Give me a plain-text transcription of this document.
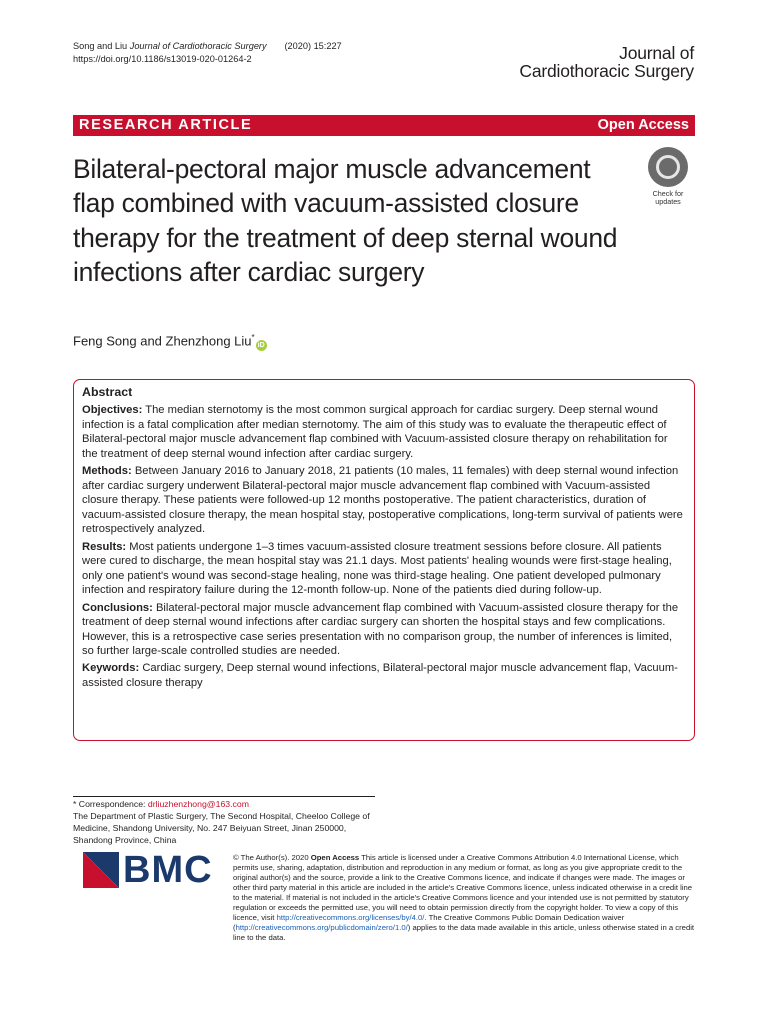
Song and Liu Journal of Cardiothoracic Surgery (2020) 15:227
https://doi.org/10.1186/s13019-020-01264-2	Journal of
Cardiothoracic Surgery
RESEARCH ARTICLE	Open Access
Bilateral-pectoral major muscle advancement flap combined with vacuum-assisted closure therapy for the treatment of deep sternal wound infections after cardiac surgery
Check for
updates
Feng Song and Zhenzhong Liu*iD
Abstract

Objectives: The median sternotomy is the most common surgical approach for cardiac surgery. Deep sternal wound infection is a fatal complication after median sternotomy. The aim of this study was to evaluate the therapeutic effect of Bilateral-pectoral major muscle advancement flap combined with Vacuum-assisted closure therapy on rehabilitation for the treatment of deep sternal wound infection after cardiac surgery.

Methods: Between January 2016 to January 2018, 21 patients (10 males, 11 females) with deep sternal wound infection after cardiac surgery underwent Bilateral-pectoral major muscle advancement flap combined with Vacuum-assisted closure therapy. These patients were followed-up 12 months postoperative. The patient characteristics, duration of vacuum-assisted closure therapy, the mean hospital stay, postoperative complications, long-term survival of patients were retrospectively analyzed.

Results: Most patients undergone 1–3 times vacuum-assisted closure treatment sessions before closure. All patients were cured to discharge, the mean hospital stay was 21.1 days. Most patients' healing wounds were first-stage healing, only one patient's wound was second-stage healing, none was third-stage healing. One patient developed pulmonary infection and respiratory failure during the 12-month follow-up. None of the patients died during follow-up.

Conclusions: Bilateral-pectoral major muscle advancement flap combined with Vacuum-assisted closure therapy for the treatment of deep sternal wound infections after cardiac surgery can shorten the hospital stays and few complications. However, this is a retrospective case series presentation with no comparison group, the number of inferences is limited, so further large-scale controlled studies are needed.

Keywords: Cardiac surgery, Deep sternal wound infections, Bilateral-pectoral major muscle advancement flap, Vacuum-assisted closure therapy

* Correspondence: drliuzhenzhong@163.com
The Department of Plastic Surgery, The Second Hospital, Cheeloo College of Medicine, Shandong University, No. 247 Beiyuan Street, Jinan 250000, Shandong Province, China
BMC	© The Author(s). 2020 Open Access This article is licensed under a Creative Commons Attribution 4.0 International License, which permits use, sharing, adaptation, distribution and reproduction in any medium or format, as long as you give appropriate credit to the original author(s) and the source, provide a link to the Creative Commons licence, and indicate if changes were made. The images or other third party material in this article are included in the article's Creative Commons licence, unless indicated otherwise in a credit line to the material. If material is not included in the article's Creative Commons licence and your intended use is not permitted by statutory regulation or exceeds the permitted use, you will need to obtain permission directly from the copyright holder. To view a copy of this licence, visit http://creativecommons.org/licenses/by/4.0/. The Creative Commons Public Domain Dedication waiver (http://creativecommons.org/publicdomain/zero/1.0/) applies to the data made available in this article, unless otherwise stated in a credit line to the data.
